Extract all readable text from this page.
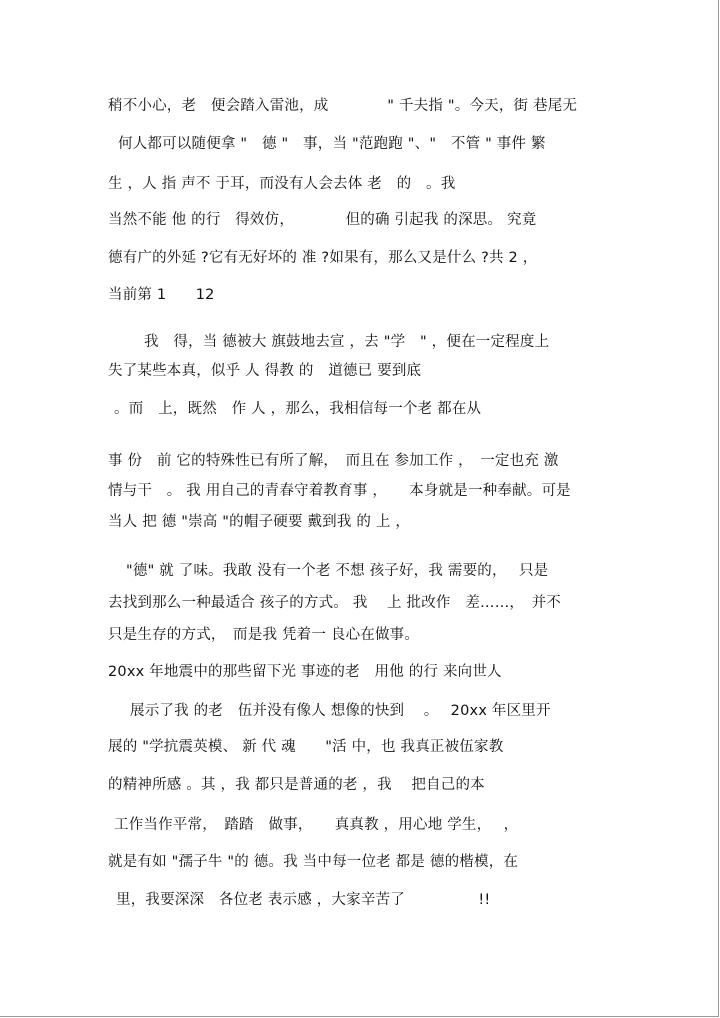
稍不小心，老　便会踏入雷池，成　　　　" 千夫指 "。今天，街 巷尾无
何人都可以随便拿 "　德 "　事，当 "范跑跑 "、"　不管 " 事件 繁
生 ，人 指 声不 于耳，而没有人会去体 老　的　。我
当然不能 他 的行　得效仿，　　　　但的确 引起我 的深思。 究竟
德有广的外延 ?它有无好坏的 准 ?如果有，那么又是什么 ?共 2 ，
当前第 1　　12
我　得，当 德被大 旗鼓地去宣 ，去 "学　" ，便在一定程度上
失了某些本真，似乎 人 得教 的　道德已 要到底
。而　上，既然　作 人 ，那么，我相信每一个老 都在从
事 份　前 它的特殊性已有所了解，　而且在 参加工作 ，　一定也充 激
情与干　。 我 用自己的青春守着教育事 ，　　本身就是一种奉献。可是
当人 把 德 "崇高 "的帽子硬要 戴到我 的 上 ，
"德" 就 了味。我敢 没有一个老 不想 孩子好，我 需要的，　 只是
去找到那么一种最适合 孩子的方式。 我　 上 批改作　差……，　并不
只是生存的方式，　而是我 凭着一 良心在做事。
20xx 年地震中的那些留下光 事迹的老　用他 的行 来向世人
展示了我 的老　伍并没有像人 想像的快到　 。　 20xx 年区里开
展的 "学抗震英模、 新 代 魂　　"活 中，也 我真正被伍家教
的精神所感 。其 ，我 都只是普通的老 ，我　 把自己的本
工作当作平常，　踏踏　做事，　　真真教 ，用心地 学生，　 ，
就是有如 "孺子牛 "的 德。我 当中每一位老 都是 德的楷模，在
里，我要深深　各位老 表示感 ，大家辛苦了　　　　　!!
